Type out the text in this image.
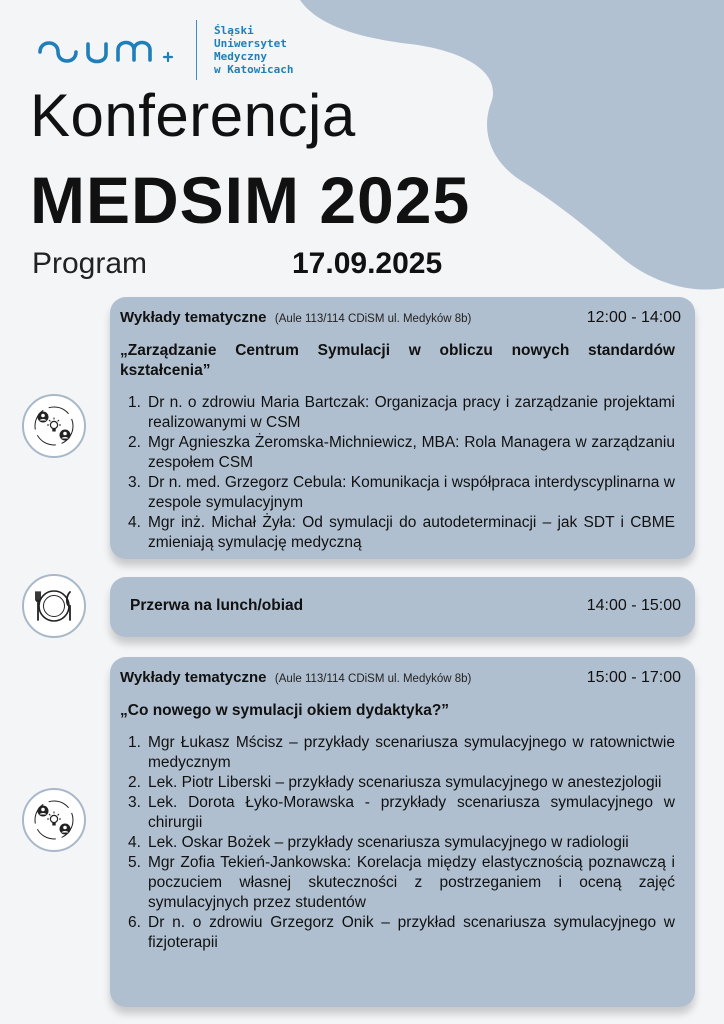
Śląski
Uniwersytet
Medyczny
w Katowicach
Konferencja
MEDSIM 2025
Program	17.09.2025
Wykłady tematyczne (Aule 113/114 CDiSM ul. Medyków 8b)	12:00 - 14:00
„Zarządzanie Centrum Symulacji w obliczu nowych standardów kształcenia”
1. Dr n. o zdrowiu Maria Bartczak: Organizacja pracy i zarządzanie projektami realizowanymi w CSM
2. Mgr Agnieszka Żeromska-Michniewicz, MBA: Rola Managera w zarządzaniu zespołem CSM
3. Dr n. med. Grzegorz Cebula: Komunikacja i współpraca interdyscyplinarna w zespole symulacyjnym
4. Mgr inż. Michał Żyła: Od symulacji do autodeterminacji – jak SDT i CBME zmieniają symulację medyczną
Przerwa na lunch/obiad	14:00 - 15:00
Wykłady tematyczne (Aule 113/114 CDiSM ul. Medyków 8b)	15:00 - 17:00
„Co nowego w symulacji okiem dydaktyka?”
1. Mgr Łukasz Mścisz – przykłady scenariusza symulacyjnego w ratownictwie medycznym
2. Lek. Piotr Liberski – przykłady scenariusza symulacyjnego w anestezjologii
3. Lek. Dorota Łyko-Morawska - przykłady scenariusza symulacyjnego w chirurgii
4. Lek. Oskar Bożek – przykłady scenariusza symulacyjnego w radiologii
5. Mgr Zofia Tekień-Jankowska: Korelacja między elastycznością poznawczą i poczuciem własnej skuteczności z postrzeganiem i oceną zajęć symulacyjnych przez studentów
6. Dr n. o zdrowiu Grzegorz Onik – przykład scenariusza symulacyjnego w fizjoterapii
